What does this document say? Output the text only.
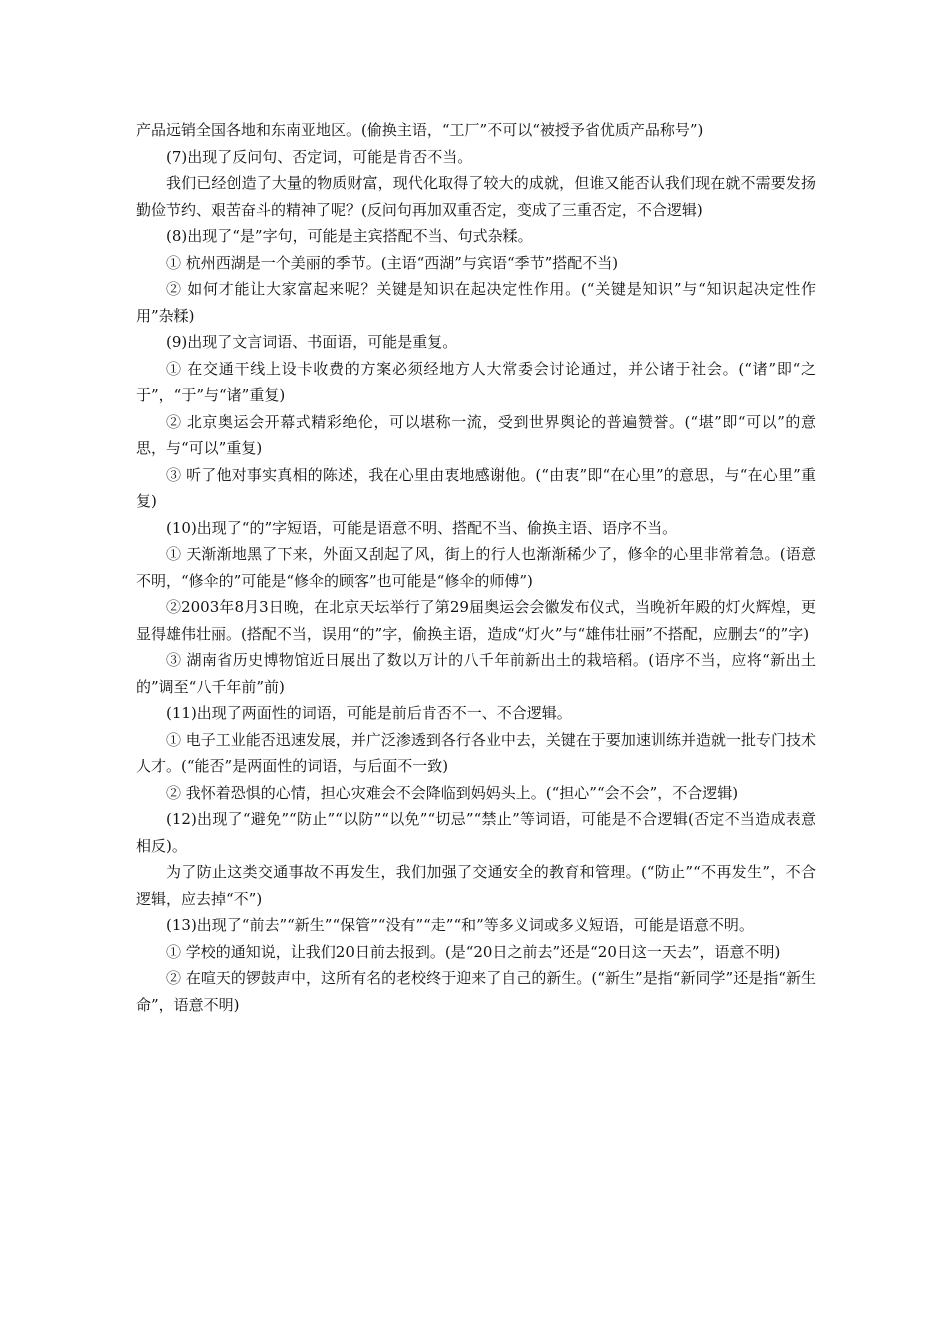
产品远销全国各地和东南亚地区。(偷换主语，“工厂”不可以“被授予省优质产品称号”)

(7)出现了反问句、否定词，可能是肯否不当。

我们已经创造了大量的物质财富，现代化取得了较大的成就，但谁又能否认我们现在就不需要发扬勤俭节约、艰苦奋斗的精神了呢？(反问句再加双重否定，变成了三重否定，不合逻辑)

(8)出现了“是”字句，可能是主宾搭配不当、句式杂糅。

① 杭州西湖是一个美丽的季节。(主语“西湖”与宾语“季节”搭配不当)

② 如何才能让大家富起来呢？关键是知识在起决定性作用。(“关键是知识”与“知识起决定性作用”杂糅)

(9)出现了文言词语、书面语，可能是重复。

① 在交通干线上设卡收费的方案必须经地方人大常委会讨论通过，并公诸于社会。(“诸”即“之于”，“于”与“诸”重复)

② 北京奥运会开幕式精彩绝伦，可以堪称一流，受到世界舆论的普遍赞誉。(“堪”即“可以”的意思，与“可以”重复)

③ 听了他对事实真相的陈述，我在心里由衷地感谢他。(“由衷”即“在心里”的意思，与“在心里”重复)

(10)出现了“的”字短语，可能是语意不明、搭配不当、偷换主语、语序不当。

① 天渐渐地黑了下来，外面又刮起了风，街上的行人也渐渐稀少了，修伞的心里非常着急。(语意不明，“修伞的”可能是“修伞的顾客”也可能是“修伞的师傅”)

②2003年8月3日晚，在北京天坛举行了第29届奥运会会徽发布仪式，当晚祈年殿的灯火辉煌，更显得雄伟壮丽。(搭配不当，误用“的”字，偷换主语，造成“灯火”与“雄伟壮丽”不搭配，应删去“的”字)

③ 湖南省历史博物馆近日展出了数以万计的八千年前新出土的栽培稻。(语序不当，应将“新出土的”调至“八千年前”前)

(11)出现了两面性的词语，可能是前后肯否不一、不合逻辑。

① 电子工业能否迅速发展，并广泛渗透到各行各业中去，关键在于要加速训练并造就一批专门技术人才。(“能否”是两面性的词语，与后面不一致)

② 我怀着恐惧的心情，担心灾难会不会降临到妈妈头上。(“担心”“会不会”，不合逻辑)

(12)出现了“避免”“防止”“以防”“以免”“切忌”“禁止”等词语，可能是不合逻辑(否定不当造成表意相反)。

为了防止这类交通事故不再发生，我们加强了交通安全的教育和管理。(“防止”“不再发生”，不合逻辑，应去掉“不”)

(13)出现了“前去”“新生”“保管”“没有”“走”“和”等多义词或多义短语，可能是语意不明。

① 学校的通知说，让我们20日前去报到。(是“20日之前去”还是“20日这一天去”，语意不明)

② 在喧天的锣鼓声中，这所有名的老校终于迎来了自己的新生。(“新生”是指“新同学”还是指“新生命”，语意不明)
